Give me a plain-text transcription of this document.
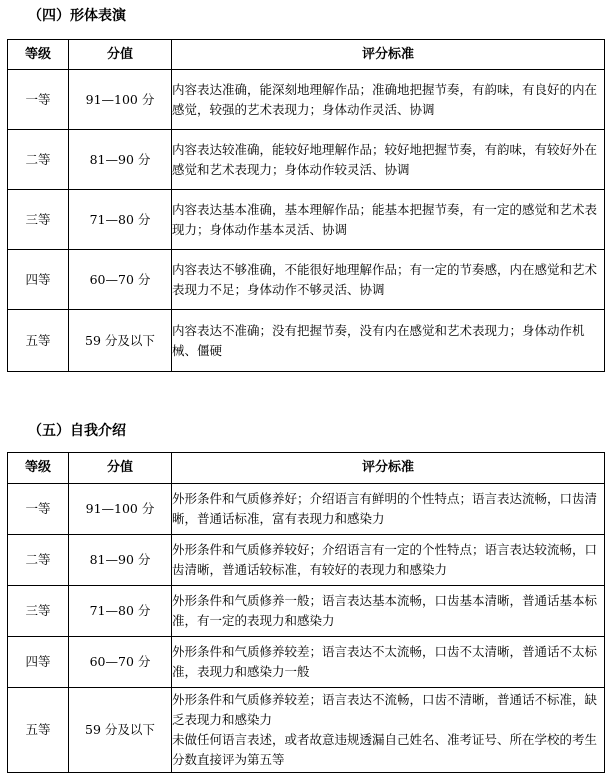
（四）形体表演
等级	分值	评分标准
一等	91—100 分	内容表达准确，能深刻地理解作品；准确地把握节奏，有韵味，有良好的内在感觉，较强的艺术表现力；身体动作灵活、协调
二等	81—90 分	内容表达较准确，能较好地理解作品；较好地把握节奏，有韵味，有较好外在感觉和艺术表现力；身体动作较灵活、协调
三等	71—80 分	内容表达基本准确，基本理解作品；能基本把握节奏，有一定的感觉和艺术表现力；身体动作基本灵活、协调
四等	60—70 分	内容表达不够准确，不能很好地理解作品；有一定的节奏感，内在感觉和艺术表现力不足；身体动作不够灵活、协调
五等	59 分及以下	内容表达不准确；没有把握节奏，没有内在感觉和艺术表现力；身体动作机械、僵硬
（五）自我介绍
等级	分值	评分标准
一等	91—100 分	外形条件和气质修养好；介绍语言有鲜明的个性特点；语言表达流畅，口齿清晰，普通话标准，富有表现力和感染力
二等	81—90 分	外形条件和气质修养较好；介绍语言有一定的个性特点；语言表达较流畅，口齿清晰，普通话较标准，有较好的表现力和感染力
三等	71—80 分	外形条件和气质修养一般；语言表达基本流畅，口齿基本清晰，普通话基本标准，有一定的表现力和感染力
四等	60—70 分	外形条件和气质修养较差；语言表达不太流畅，口齿不太清晰，普通话不太标准，表现力和感染力一般
五等	59 分及以下	外形条件和气质修养较差；语言表达不流畅，口齿不清晰，普通话不标准，缺乏表现力和感染力
未做任何语言表述，或者故意违规透漏自己姓名、准考证号、所在学校的考生分数直接评为第五等
